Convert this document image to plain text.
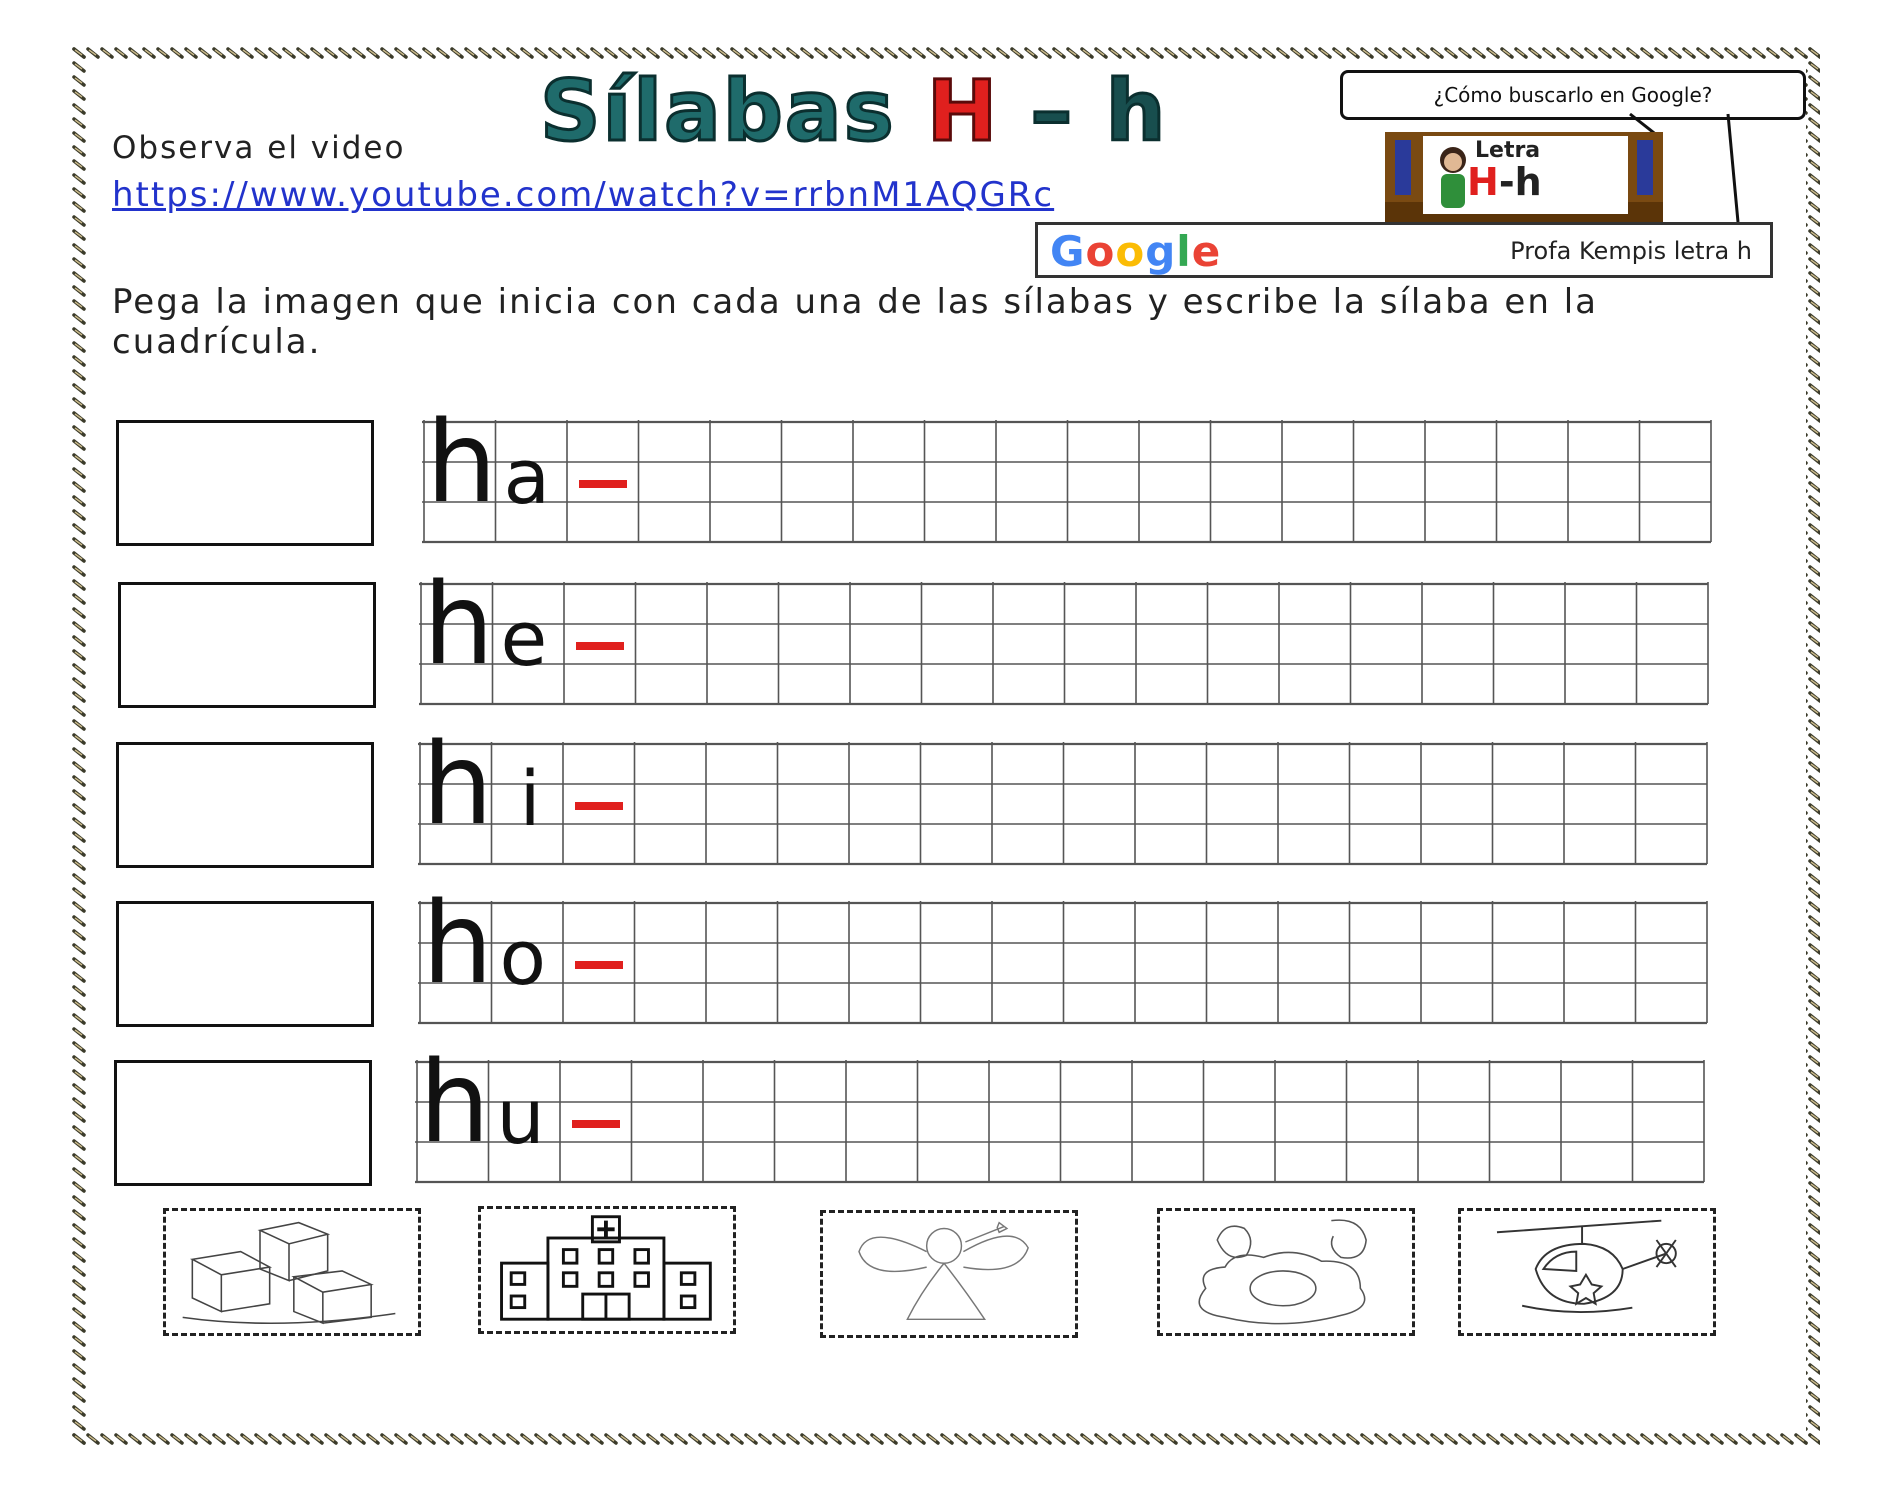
Sílabas H – h
Observa el video
https://www.youtube.com/watch?v=rrbnM1AQGRc
¿Cómo buscarlo en Google?
Letra
H-h
Google	Profa Kempis letra h
Pega la imagen que inicia con cada una de las sílabas y escribe la sílaba en la cuadrícula.
h a
h e
h i
h o
h u
